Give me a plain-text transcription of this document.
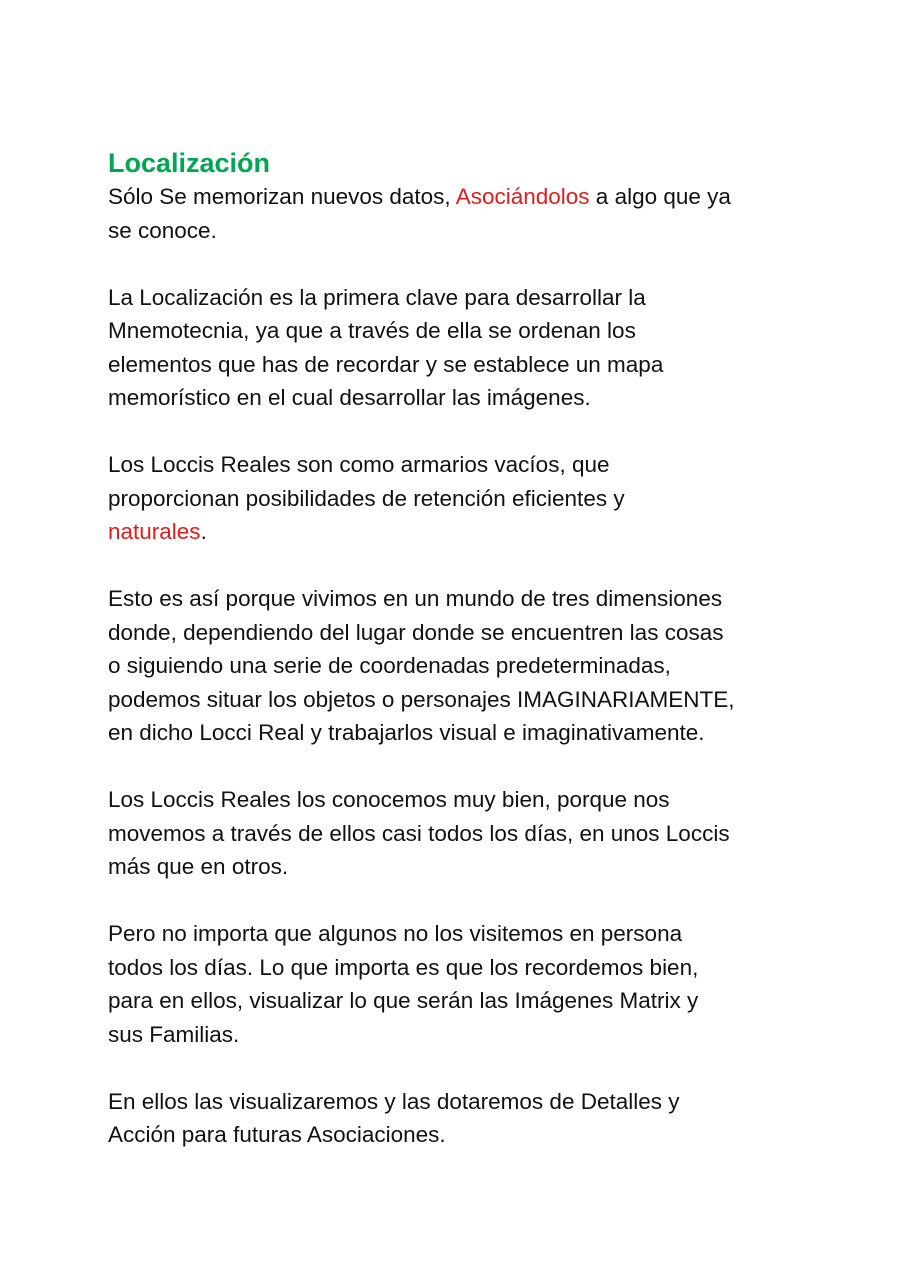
Localización

Sólo Se memorizan nuevos datos, Asociándolos a algo que ya
se conoce.

La Localización es la primera clave para desarrollar la
Mnemotecnia, ya que a través de ella se ordenan los
elementos que has de recordar y se establece un mapa
memorístico en el cual desarrollar las imágenes.

Los Loccis Reales son como armarios vacíos, que
proporcionan posibilidades de retención eficientes y
naturales.

Esto es así porque vivimos en un mundo de tres dimensiones
donde, dependiendo del lugar donde se encuentren las cosas
o siguiendo una serie de coordenadas predeterminadas,
podemos situar los objetos o personajes IMAGINARIAMENTE,
en dicho Locci Real y trabajarlos visual e imaginativamente.

Los Loccis Reales los conocemos muy bien, porque nos
movemos a través de ellos casi todos los días, en unos Loccis
más que en otros.

Pero no importa que algunos no los visitemos en persona
todos los días. Lo que importa es que los recordemos bien,
para en ellos, visualizar lo que serán las Imágenes Matrix y
sus Familias.

En ellos las visualizaremos y las dotaremos de Detalles y
Acción para futuras Asociaciones.
